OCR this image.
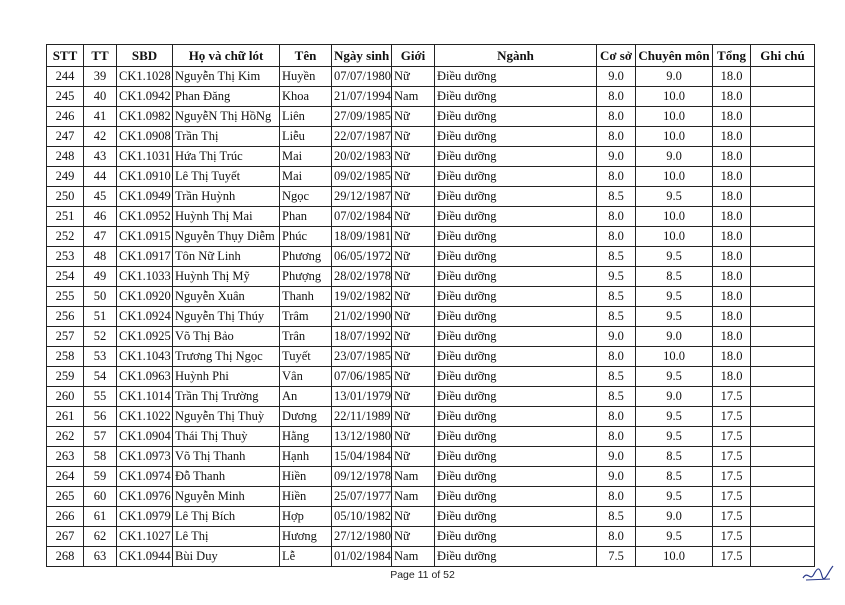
STT	TT	SBD	Họ và chữ lót	Tên	Ngày sinh	Giới	Ngành	Cơ sở	Chuyên môn	Tổng	Ghi chú
244	39	CK1.1028	Nguyễn Thị Kim	Huyền	07/07/1980	Nữ	Điều dưỡng	9.0	9.0	18.0	
245	40	CK1.0942	Phan Đăng	Khoa	21/07/1994	Nam	Điều dưỡng	8.0	10.0	18.0	
246	41	CK1.0982	NguyễN Thị HồNg	Liên	27/09/1985	Nữ	Điều dưỡng	8.0	10.0	18.0	
247	42	CK1.0908	Trần Thị	Liễu	22/07/1987	Nữ	Điều dưỡng	8.0	10.0	18.0	
248	43	CK1.1031	Hứa Thị Trúc	Mai	20/02/1983	Nữ	Điều dưỡng	9.0	9.0	18.0	
249	44	CK1.0910	Lê Thị Tuyết	Mai	09/02/1985	Nữ	Điều dưỡng	8.0	10.0	18.0	
250	45	CK1.0949	Trần Huỳnh	Ngọc	29/12/1987	Nữ	Điều dưỡng	8.5	9.5	18.0	
251	46	CK1.0952	Huỳnh Thị Mai	Phan	07/02/1984	Nữ	Điều dưỡng	8.0	10.0	18.0	
252	47	CK1.0915	Nguyễn Thụy Diễm	Phúc	18/09/1981	Nữ	Điều dưỡng	8.0	10.0	18.0	
253	48	CK1.0917	Tôn Nữ Linh	Phương	06/05/1972	Nữ	Điều dưỡng	8.5	9.5	18.0	
254	49	CK1.1033	Huỳnh Thị Mỹ	Phượng	28/02/1978	Nữ	Điều dưỡng	9.5	8.5	18.0	
255	50	CK1.0920	Nguyễn Xuân	Thanh	19/02/1982	Nữ	Điều dưỡng	8.5	9.5	18.0	
256	51	CK1.0924	Nguyễn Thị Thúy	Trâm	21/02/1990	Nữ	Điều dưỡng	8.5	9.5	18.0	
257	52	CK1.0925	Võ Thị Bảo	Trân	18/07/1992	Nữ	Điều dưỡng	9.0	9.0	18.0	
258	53	CK1.1043	Trương Thị Ngọc	Tuyết	23/07/1985	Nữ	Điều dưỡng	8.0	10.0	18.0	
259	54	CK1.0963	Huỳnh Phi	Vân	07/06/1985	Nữ	Điều dưỡng	8.5	9.5	18.0	
260	55	CK1.1014	Trần Thị Trường	An	13/01/1979	Nữ	Điều dưỡng	8.5	9.0	17.5	
261	56	CK1.1022	Nguyễn Thị Thuỳ	Dương	22/11/1989	Nữ	Điều dưỡng	8.0	9.5	17.5	
262	57	CK1.0904	Thái Thị Thuỳ	Hằng	13/12/1980	Nữ	Điều dưỡng	8.0	9.5	17.5	
263	58	CK1.0973	Võ Thị Thanh	Hạnh	15/04/1984	Nữ	Điều dưỡng	9.0	8.5	17.5	
264	59	CK1.0974	Đỗ Thanh	Hiền	09/12/1978	Nam	Điều dưỡng	9.0	8.5	17.5	
265	60	CK1.0976	Nguyễn Minh	Hiền	25/07/1977	Nam	Điều dưỡng	8.0	9.5	17.5	
266	61	CK1.0979	Lê Thị Bích	Hợp	05/10/1982	Nữ	Điều dưỡng	8.5	9.0	17.5	
267	62	CK1.1027	Lê Thị	Hương	27/12/1980	Nữ	Điều dưỡng	8.0	9.5	17.5	
268	63	CK1.0944	Bùi Duy	Lễ	01/02/1984	Nam	Điều dưỡng	7.5	10.0	17.5	
Page 11 of 52
